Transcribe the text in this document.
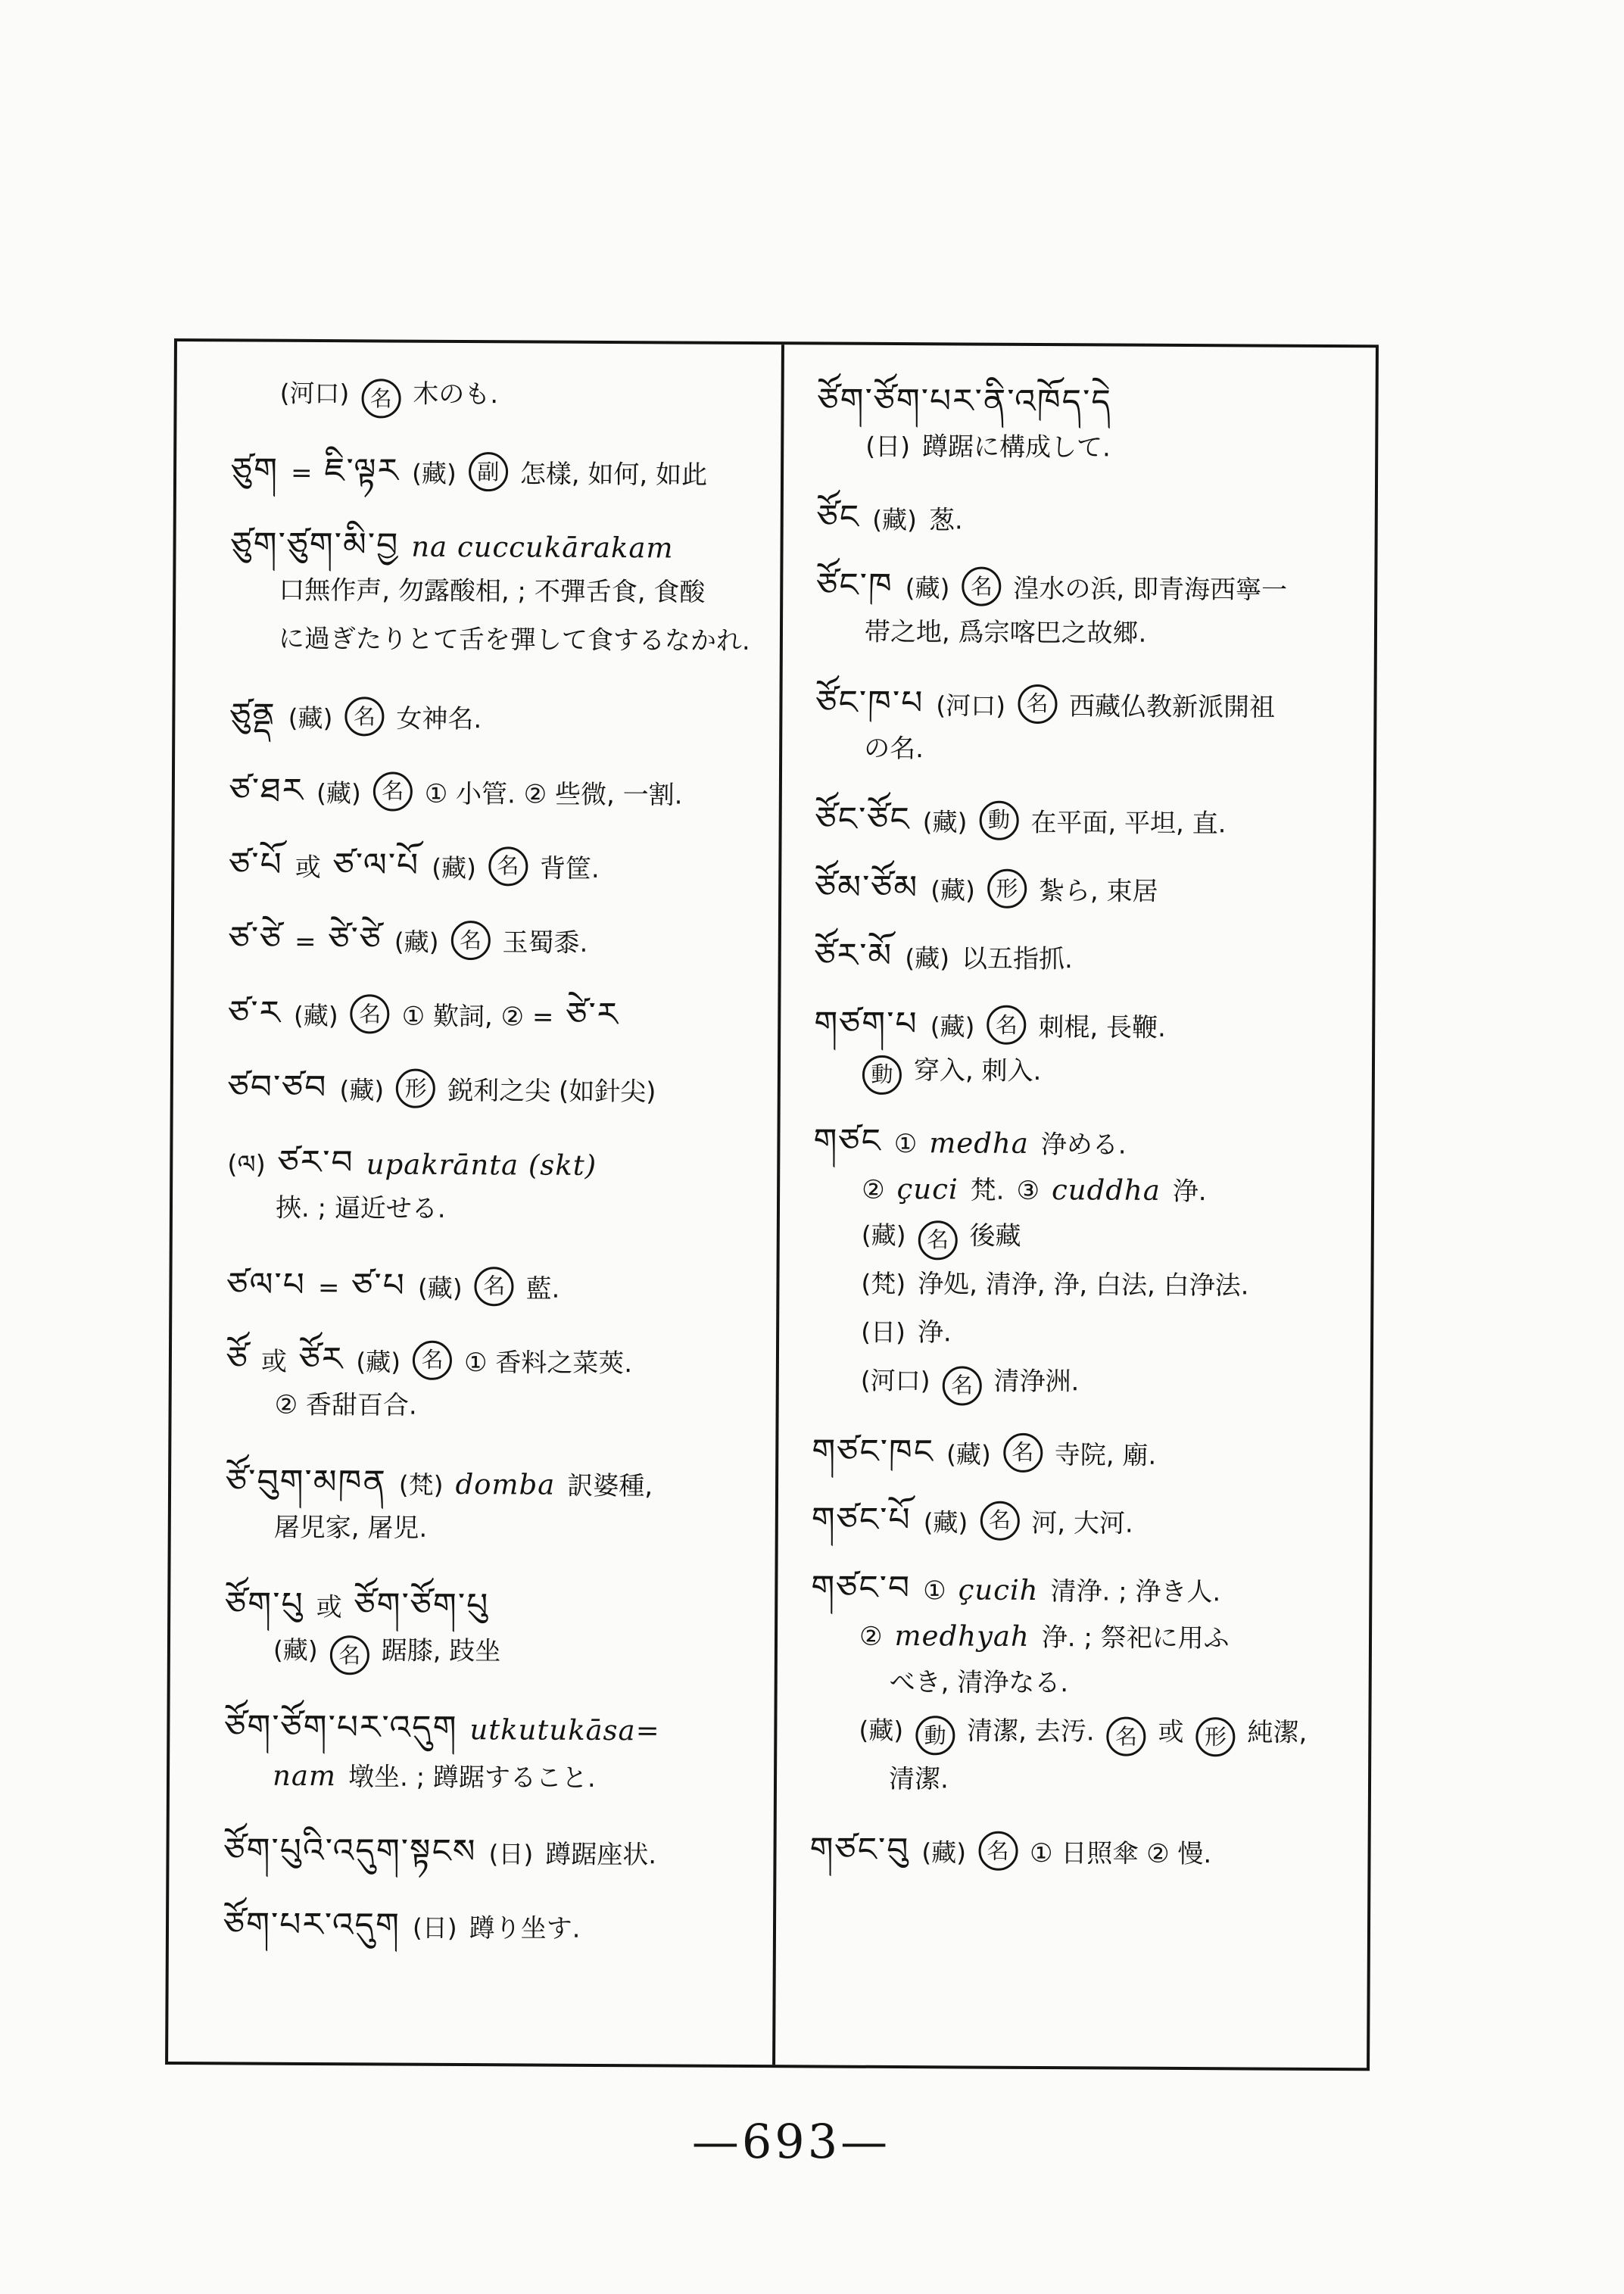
(河口) 名 木のも.
ཙུག = ཇི་ལྟར (藏) 副 怎樣, 如何, 如此
ཙུག་ཙུག་མི་བྱ na cuccukārakam
口無作声, 勿露酸相, ; 不彈舌食, 食酸
に過ぎたりとて舌を彈して食するなかれ.
ཙུནྡ (藏) 名 女神名.
ཙ་ཐར (藏) 名 ① 小管. ② 些微, 一割.
ཙ་པོ 或 ཙ་ལ་པོ (藏) 名 背筐.
ཙ་ཙེ = ཙེ་ཙེ (藏) 名 玉蜀黍.
ཙ་ར (藏) 名 ① 歎詞, ② = ཙེ་ར
ཙབ་ཙབ (藏) 形 鋭利之尖 (如針尖)
(ལ) ཙར་བ upakrānta (skt)
挾. ; 逼近せる.
ཙལ་པ = ཙ་པ (藏) 名 藍.
ཙོ 或 ཙོར (藏) 名 ① 香料之菜莢.
② 香甜百合.
ཙོ་བུག་མཁན (梵) domba 訳婆種,
屠児家, 屠児.
ཙོག་པུ 或 ཙོག་ཙོག་པུ
(藏) 名 踞膝, 跂坐
ཙོག་ཙོག་པར་འདུག utkutukāsa=
nam 墩坐. ; 蹲踞すること.
ཙོག་པུའི་འདུག་སྟངས (日) 蹲踞座状.
ཙོག་པར་འདུག (日) 蹲り坐す.
ཙོག་ཙོག་པར་ནི་འཁོད་དེ
(日) 蹲踞に構成して.
ཙོང (藏) 葱.
ཙོང་ཁ (藏) 名 湟水の浜, 即青海西寧一
帯之地, 爲宗喀巴之故郷.
ཙོང་ཁ་པ (河口) 名 西藏仏教新派開祖
の名.
ཙོང་ཙོང (藏) 動 在平面, 平坦, 直.
ཙོམ་ཙོམ (藏) 形 紮ら, 束居
ཙོར་མོ (藏) 以五指抓.
གཙག་པ (藏) 名 刺棍, 長鞭.
動 穿入, 刺入.
གཙང ① medha 浄める.
② çuci 梵. ③ cuddha 浄.
(藏) 名 後藏
(梵) 浄処, 清浄, 浄, 白法, 白浄法.
(日) 浄.
(河口) 名 清浄洲.
གཙང་ཁང (藏) 名 寺院, 廟.
གཙང་པོ (藏) 名 河, 大河.
གཙང་བ ① çucih 清浄. ; 浄き人.
② medhyah 浄. ; 祭祀に用ふ
べき, 清浄なる.
(藏) 動 清潔, 去汚. 名 或 形 純潔,
清潔.
གཙང་བུ (藏) 名 ① 日照傘 ② 慢.
—693—
